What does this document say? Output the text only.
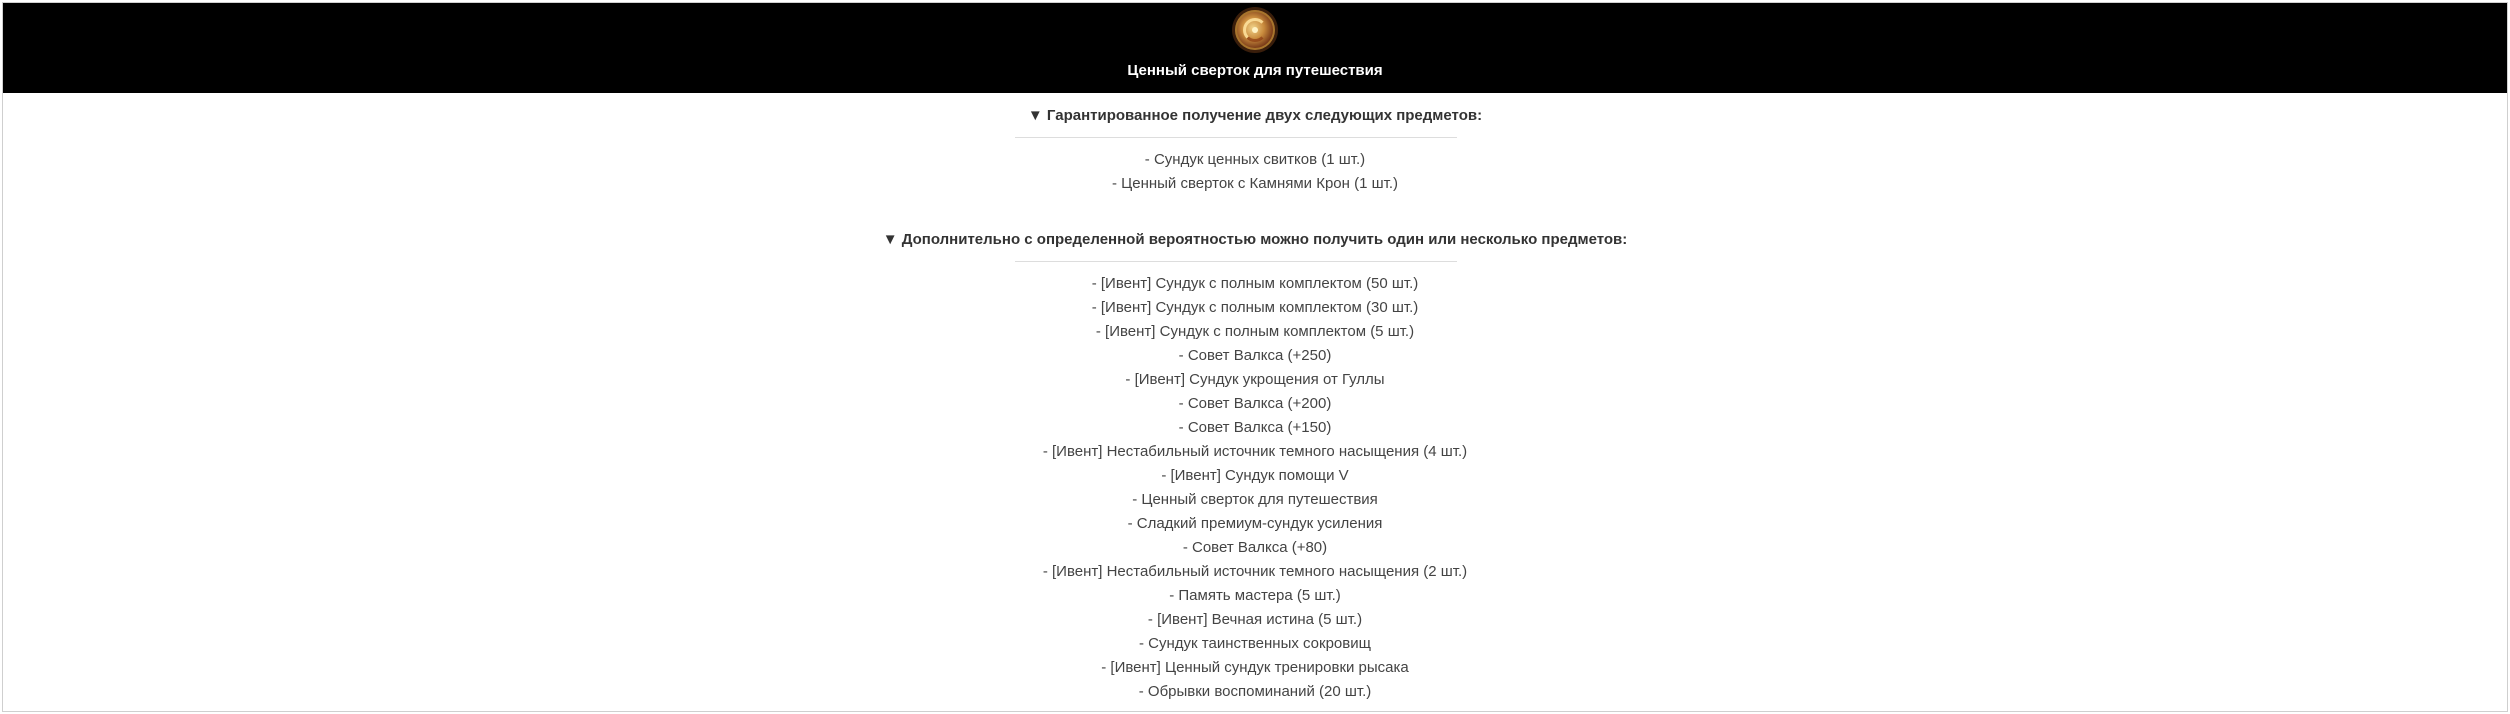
Ценный сверток для путешествия
▼ Гарантированное получение двух следующих предметов:
- Сундук ценных свитков (1 шт.)
- Ценный сверток с Камнями Крон (1 шт.)
▼ Дополнительно с определенной вероятностью можно получить один или несколько предметов:
- [Ивент] Сундук с полным комплектом (50 шт.)
- [Ивент] Сундук с полным комплектом (30 шт.)
- [Ивент] Сундук с полным комплектом (5 шт.)
- Совет Валкса (+250)
- [Ивент] Сундук укрощения от Гуллы
- Совет Валкса (+200)
- Совет Валкса (+150)
- [Ивент] Нестабильный источник темного насыщения (4 шт.)
- [Ивент] Сундук помощи V
- Ценный сверток для путешествия
- Сладкий премиум-сундук усиления
- Совет Валкса (+80)
- [Ивент] Нестабильный источник темного насыщения (2 шт.)
- Память мастера (5 шт.)
- [Ивент] Вечная истина (5 шт.)
- Сундук таинственных сокровищ
- [Ивент] Ценный сундук тренировки рысака
- Обрывки воспоминаний (20 шт.)
